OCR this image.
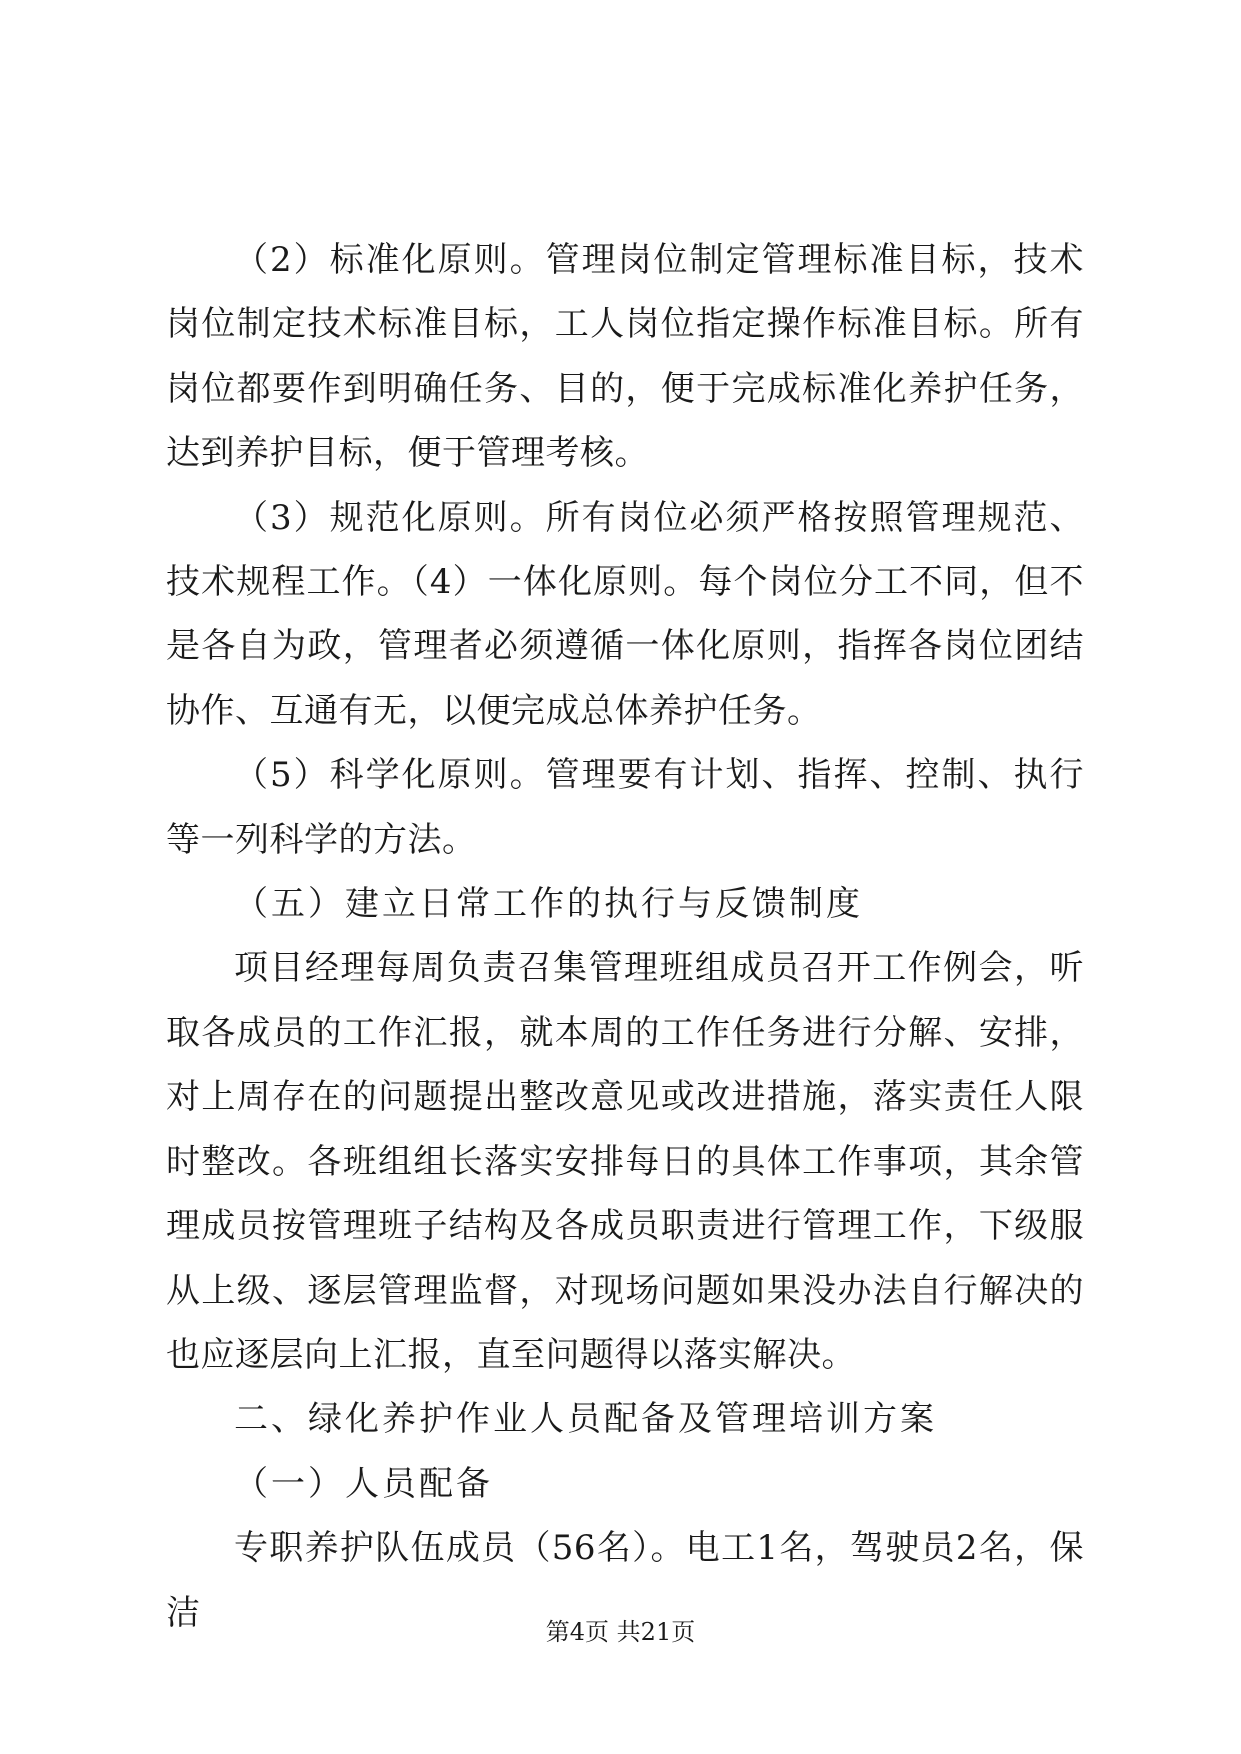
（2）标准化原则。管理岗位制定管理标准目标，技术岗位制定技术标准目标，工人岗位指定操作标准目标。所有岗位都要作到明确任务、目的，便于完成标准化养护任务，达到养护目标，便于管理考核。

（3）规范化原则。所有岗位必须严格按照管理规范、技术规程工作。（4）一体化原则。每个岗位分工不同，但不是各自为政，管理者必须遵循一体化原则，指挥各岗位团结协作、互通有无，以便完成总体养护任务。

（5）科学化原则。管理要有计划、指挥、控制、执行等一列科学的方法。

（五）建立日常工作的执行与反馈制度

项目经理每周负责召集管理班组成员召开工作例会，听取各成员的工作汇报，就本周的工作任务进行分解、安排，对上周存在的问题提出整改意见或改进措施，落实责任人限时整改。各班组组长落实安排每日的具体工作事项，其余管理成员按管理班子结构及各成员职责进行管理工作，下级服从上级、逐层管理监督，对现场问题如果没办法自行解决的也应逐层向上汇报，直至问题得以落实解决。

二、绿化养护作业人员配备及管理培训方案

（一）人员配备

专职养护队伍成员（56名）。电工1名，驾驶员2名，保洁	第4页 共21页
